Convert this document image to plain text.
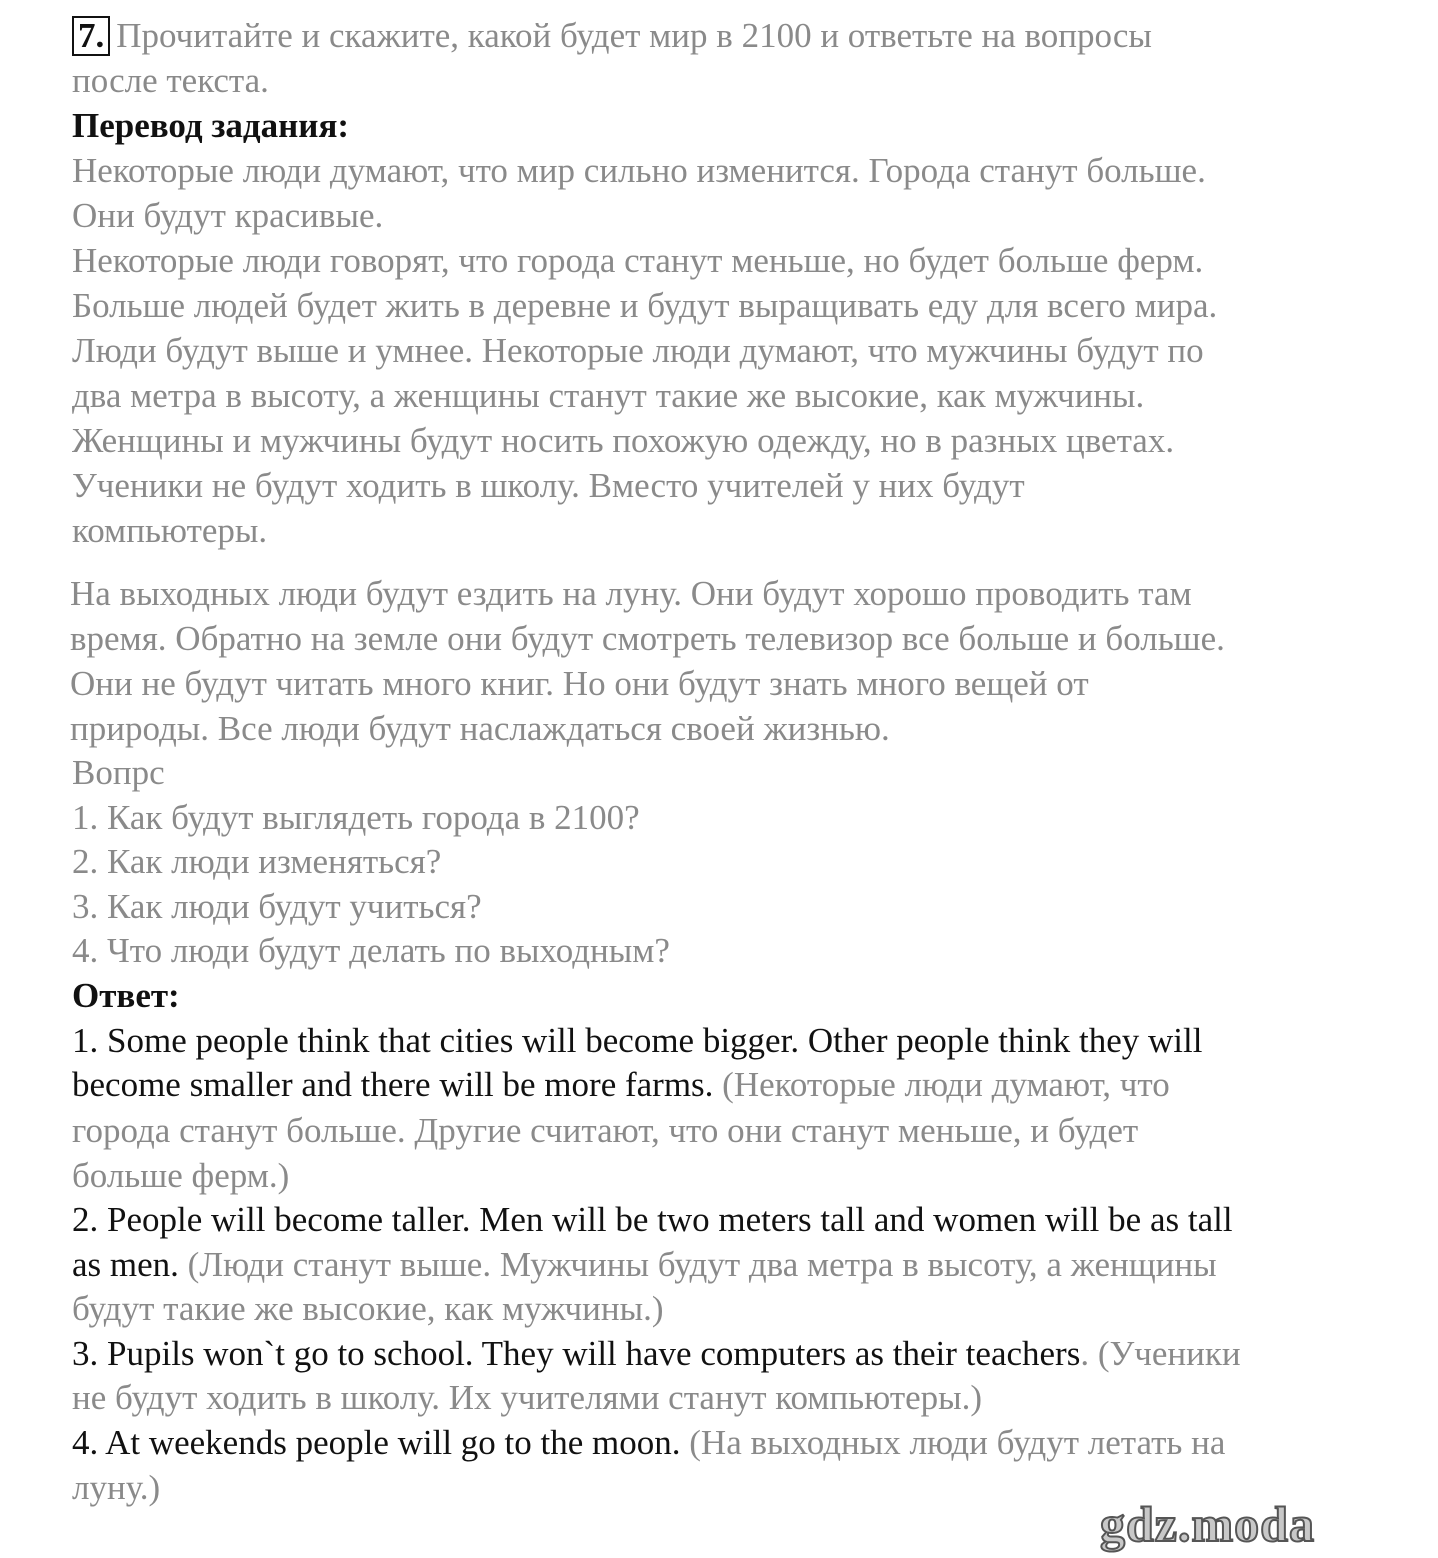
7. Прочитайте и скажите, какой будет мир в 2100 и ответьте на вопросы
после текста.
Перевод задания:
Некоторые люди думают, что мир сильно изменится. Города станут больше.
Они будут красивые.
Некоторые люди говорят, что города станут меньше, но будет больше ферм.
Больше людей будет жить в деревне и будут выращивать еду для всего мира.
Люди будут выше и умнее. Некоторые люди думают, что мужчины будут по
два метра в высоту, а женщины станут такие же высокие, как мужчины.
Женщины и мужчины будут носить похожую одежду, но в разных цветах.
Ученики не будут ходить в школу. Вместо учителей у них будут
компьютеры.
На выходных люди будут ездить на луну. Они будут хорошо проводить там
время. Обратно на земле они будут смотреть телевизор все больше и больше.
Они не будут читать много книг. Но они будут знать много вещей от
природы. Все люди будут наслаждаться своей жизнью.
Вопрс
1. Как будут выглядеть города в 2100?
2. Как люди изменяться?
3. Как люди будут учиться?
4. Что люди будут делать по выходным?
Ответ:
1. Some people think that cities will become bigger. Other people think they will
become smaller and there will be more farms. (Некоторые люди думают, что
города станут больше. Другие считают, что они станут меньше, и будет
больше ферм.)
2. People will become taller. Men will be two meters tall and women will be as tall
as men. (Люди станут выше. Мужчины будут два метра в высоту, а женщины
будут такие же высокие, как мужчины.)
3. Pupils won`t go to school. They will have computers as their teachers. (Ученики
не будут ходить в школу. Их учителями станут компьютеры.)
4. At weekends people will go to the moon. (На выходных люди будут летать на
луну.)
gdz.moda
